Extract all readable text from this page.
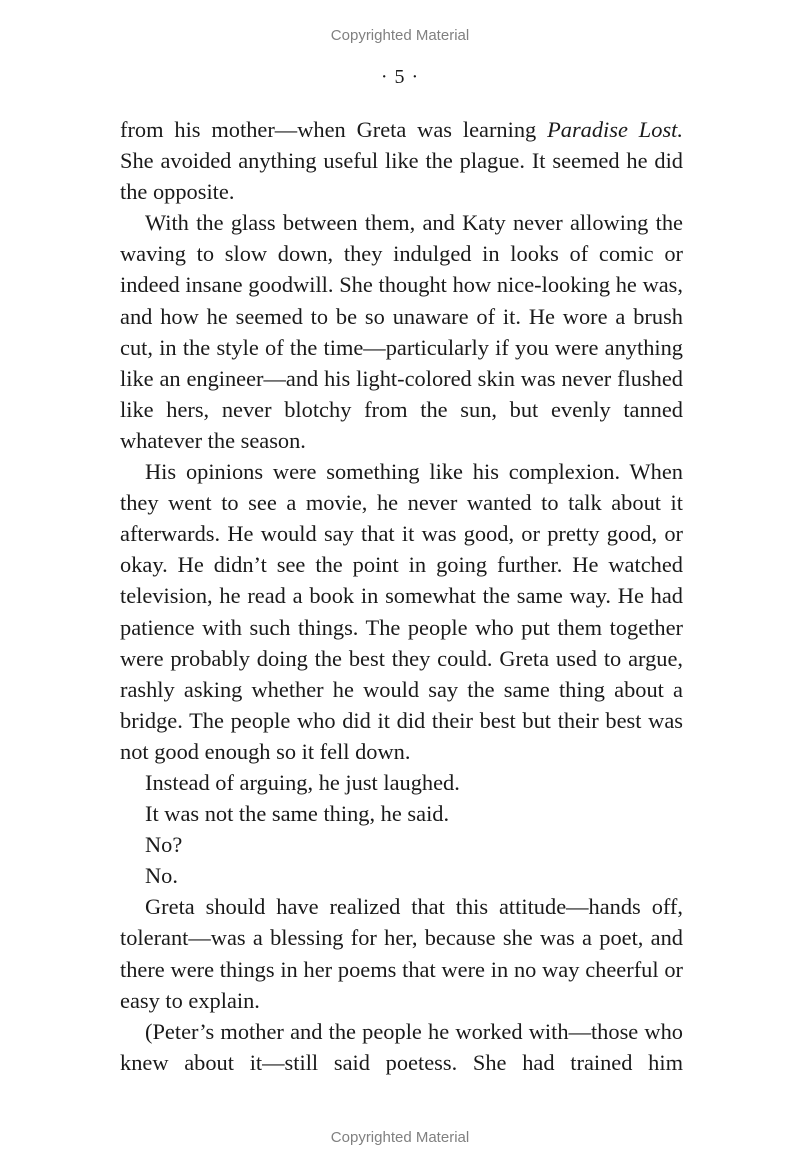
Copyrighted Material
· 5 ·

from his mother—when Greta was learning Paradise Lost. She avoided anything useful like the plague. It seemed he did the opposite.

With the glass between them, and Katy never allowing the waving to slow down, they indulged in looks of comic or indeed insane goodwill. She thought how nice-looking he was, and how he seemed to be so unaware of it. He wore a brush cut, in the style of the time—particularly if you were anything like an engineer—and his light-colored skin was never flushed like hers, never blotchy from the sun, but evenly tanned whatever the season.

His opinions were something like his complexion. When they went to see a movie, he never wanted to talk about it afterwards. He would say that it was good, or pretty good, or okay. He didn’t see the point in going further. He watched television, he read a book in somewhat the same way. He had patience with such things. The people who put them together were probably doing the best they could. Greta used to argue, rashly asking whether he would say the same thing about a bridge. The people who did it did their best but their best was not good enough so it fell down.

Instead of arguing, he just laughed.

It was not the same thing, he said.

No?

No.

Greta should have realized that this attitude—hands off, tolerant—was a blessing for her, because she was a poet, and there were things in her poems that were in no way cheerful or easy to explain.

(Peter’s mother and the people he worked with—those who knew about it—still said poetess. She had trained him

Copyrighted Material
